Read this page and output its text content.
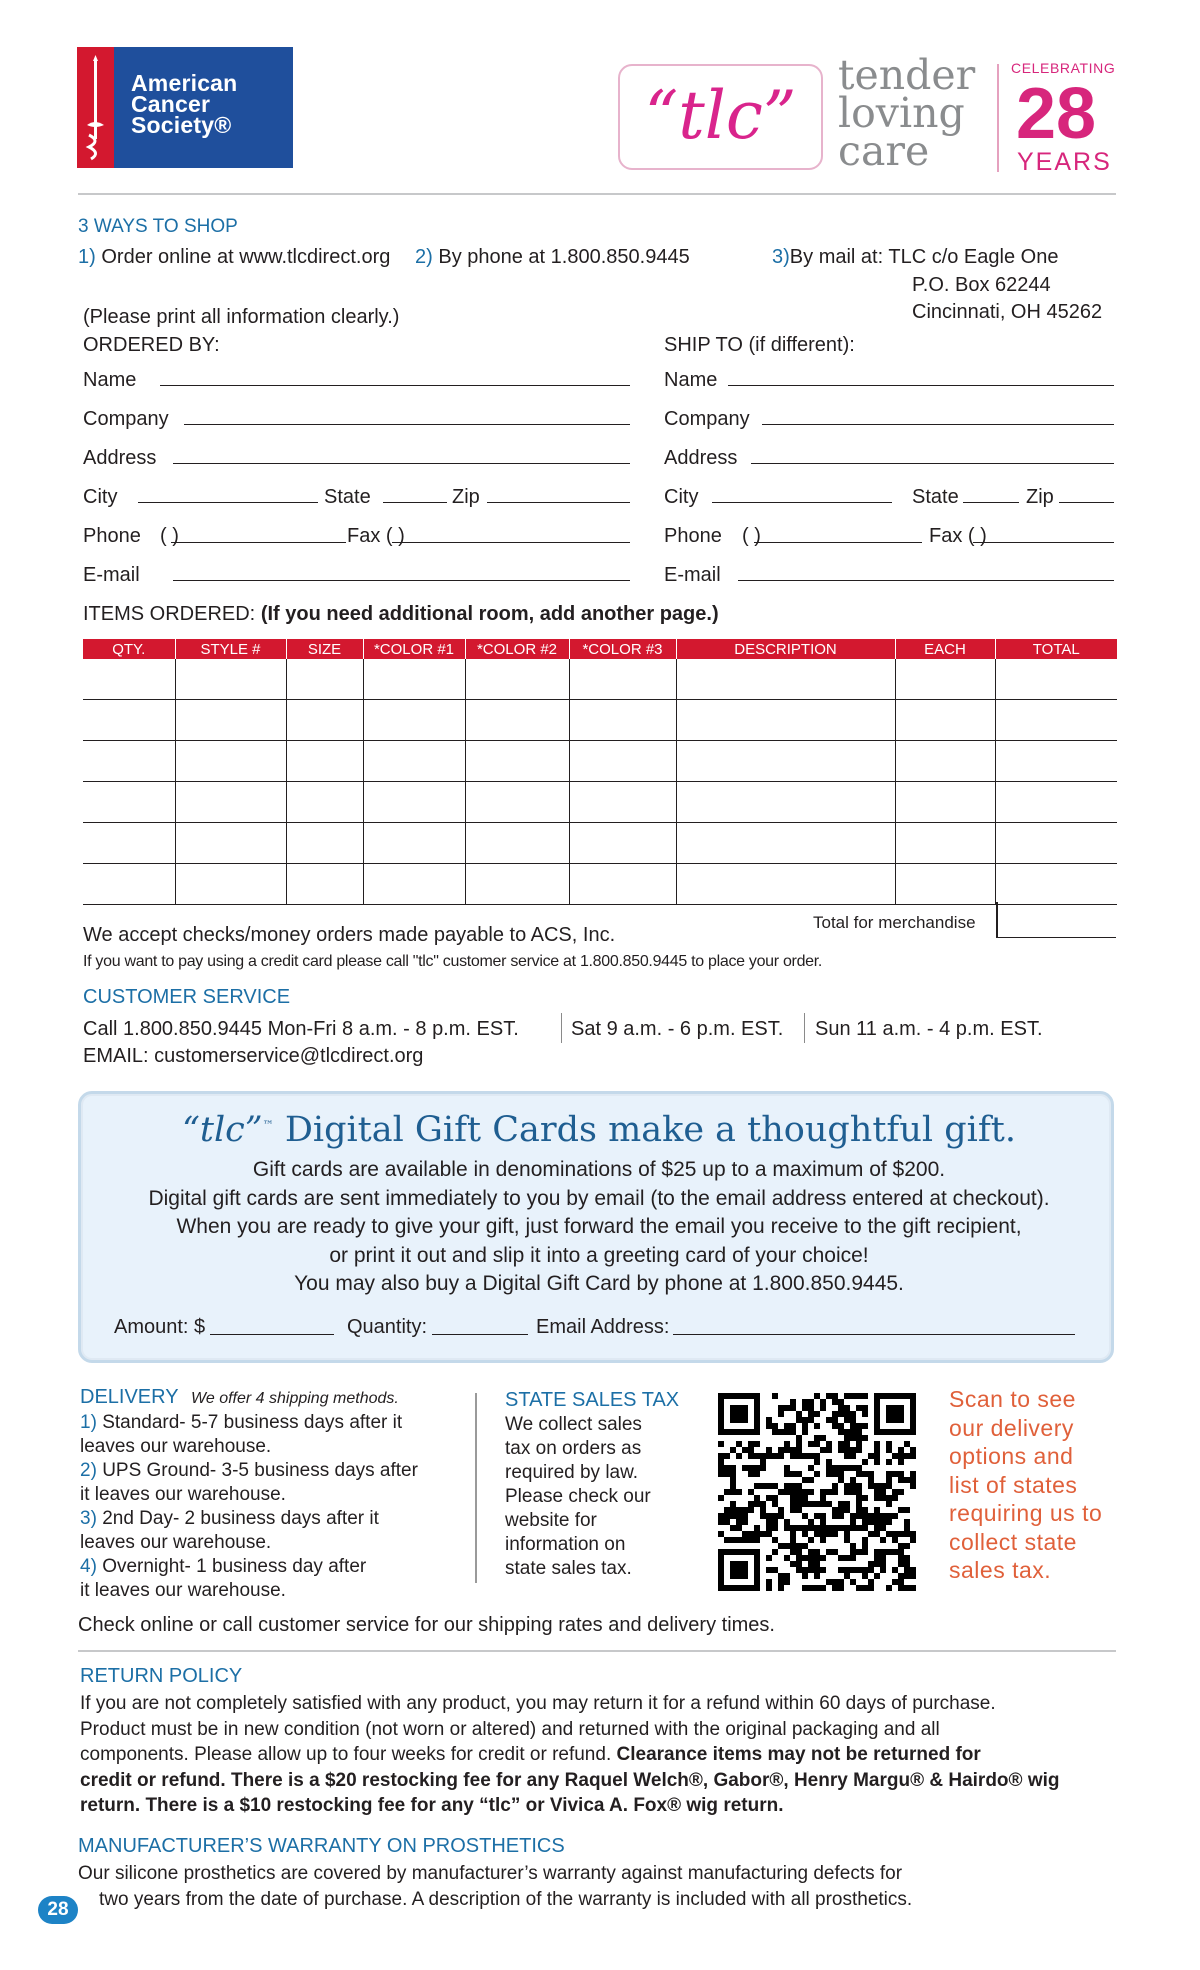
American
Cancer
Society®	“tlc”
tender
loving
care
CELEBRATING
28
YEARS
3 WAYS TO SHOP
1) Order online at www.tlcdirect.org 2) By phone at 1.800.850.9445	3)By mail at: TLC c/o Eagle One
P.O. Box 62244
Cincinnati, OH 45262
(Please print all information clearly.)
ORDERED BY:	SHIP TO (if different):
Name
Company
Address
City	State	Zip
Phone ( )	Fax ( )
E-mail
Name
Company
Address
City	State	Zip
Phone ( )	Fax ( )
E-mail
ITEMS ORDERED: (If you need additional room, add another page.)
QTY.	STYLE #	SIZE	*COLOR #1	*COLOR #2	*COLOR #3	DESCRIPTION	EACH	TOTAL

Total for merchandise
We accept checks/money orders made payable to ACS, Inc.
If you want to pay using a credit card please call "tlc" customer service at 1.800.850.9445 to place your order.
CUSTOMER SERVICE
Call 1.800.850.9445 Mon-Fri 8 a.m. - 8 p.m. EST.	Sat 9 a.m. - 6 p.m. EST. Sun 11 a.m. - 4 p.m. EST.
EMAIL: customerservice@tlcdirect.org
“tlc”™ Digital Gift Cards make a thoughtful gift.
Gift cards are available in denominations of $25 up to a maximum of $200.
Digital gift cards are sent immediately to you by email (to the email address entered at checkout).
When you are ready to give your gift, just forward the email you receive to the gift recipient,
or print it out and slip it into a greeting card of your choice!
You may also buy a Digital Gift Card by phone at 1.800.850.9445.
Amount: $	Quantity:	Email Address:
DELIVERY We offer 4 shipping methods.
1) Standard- 5-7 business days after it
leaves our warehouse.
2) UPS Ground- 3-5 business days after
it leaves our warehouse.
3) 2nd Day- 2 business days after it
leaves our warehouse.
4) Overnight- 1 business day after
it leaves our warehouse.
STATE SALES TAX
We collect sales
tax on orders as
required by law.
Please check our
website for
information on
state sales tax.
Scan to see
our delivery
options and
list of states
requiring us to
collect state
sales tax.
Check online or call customer service for our shipping rates and delivery times.
RETURN POLICY
If you are not completely satisfied with any product, you may return it for a refund within 60 days of purchase.
Product must be in new condition (not worn or altered) and returned with the original packaging and all
components. Please allow up to four weeks for credit or refund. Clearance items may not be returned for
credit or refund. There is a $20 restocking fee for any Raquel Welch®, Gabor®, Henry Margu® & Hairdo® wig
return. There is a $10 restocking fee for any “tlc” or Vivica A. Fox® wig return.
MANUFACTURER’S WARRANTY ON PROSTHETICS
Our silicone prosthetics are covered by manufacturer’s warranty against manufacturing defects for
two years from the date of purchase. A description of the warranty is included with all prosthetics.
28
